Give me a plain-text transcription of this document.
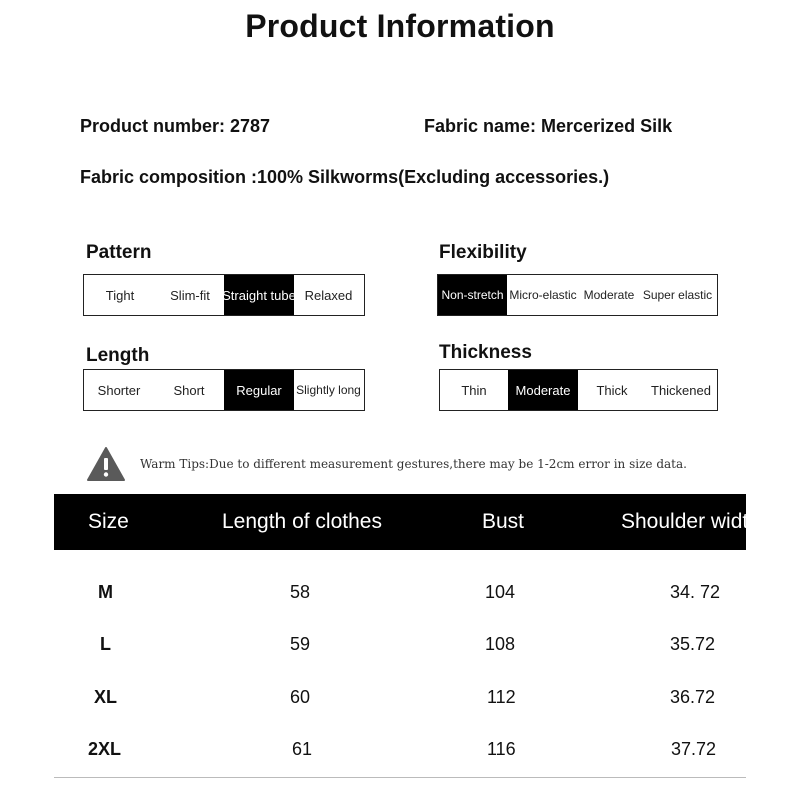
Product Information
Product number: 2787	Fabric name: Mercerized Silk
Fabric composition :100% Silkworms(Excluding accessories.)
Pattern
Tight	Slim-fit Straight tube Relaxed
Flexibility
Non-stretch Micro-elastic Moderate Super elastic
Length
Shorter	Short	Regular	Slightly long
Thickness
Thin	Moderate	Thick	Thickened
Warm Tips:Due to different measurement gestures,there may be 1-2cm error in size data.
Size	Length of clothes	Bust	Shoulder width
M	58	104	34. 72
L	59	108	35.72
XL	60	112	36.72
2XL	61	116	37.72
